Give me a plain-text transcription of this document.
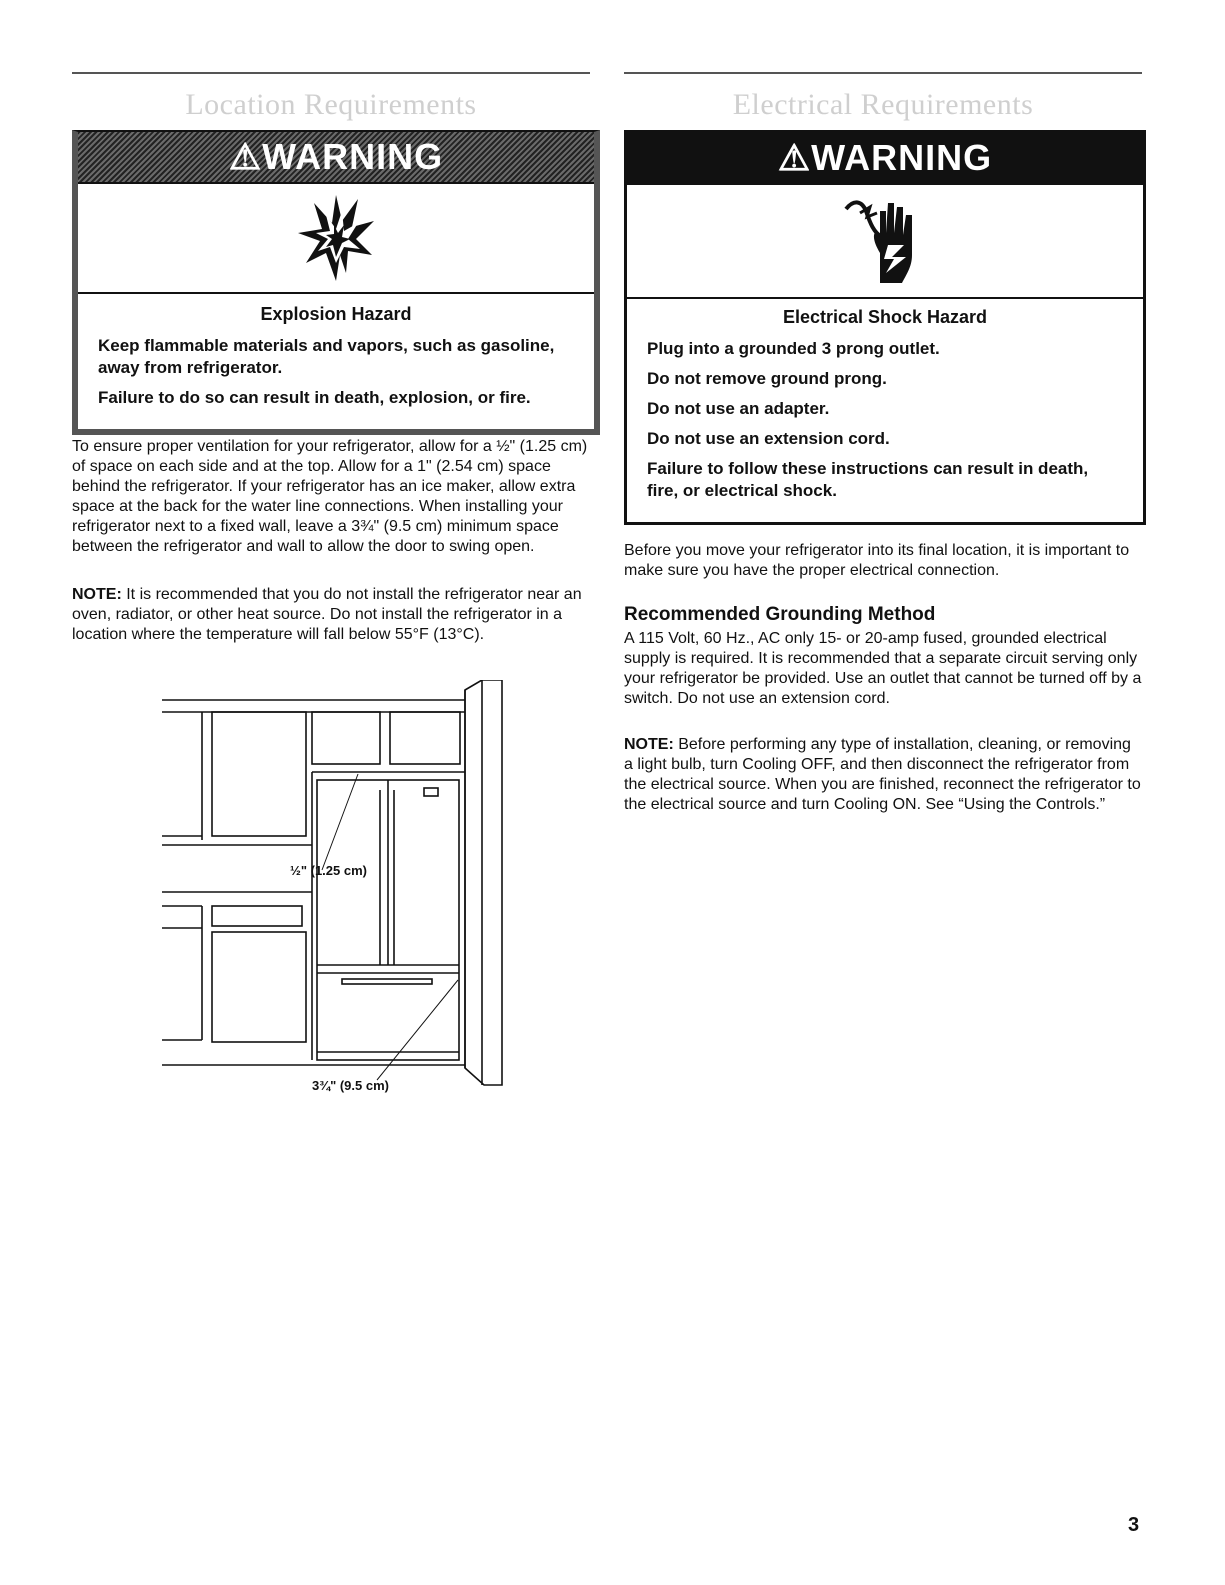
Location Requirements
⚠WARNING
Explosion Hazard
Keep flammable materials and vapors, such as gasoline, away from refrigerator.
Failure to do so can result in death, explosion, or fire.
To ensure proper ventilation for your refrigerator, allow for a ½" (1.25 cm) of space on each side and at the top. Allow for a 1" (2.54 cm) space behind the refrigerator. If your refrigerator has an ice maker, allow extra space at the back for the water line connections. When installing your refrigerator next to a fixed wall, leave a 3¾" (9.5 cm) minimum space between the refrigerator and wall to allow the door to swing open.
NOTE: It is recommended that you do not install the refrigerator near an oven, radiator, or other heat source. Do not install the refrigerator in a location where the temperature will fall below 55°F (13°C).
½" (1.25 cm)
3¾" (9.5 cm)
Electrical Requirements
⚠WARNING
Electrical Shock Hazard
Plug into a grounded 3 prong outlet.
Do not remove ground prong.
Do not use an adapter.
Do not use an extension cord.
Failure to follow these instructions can result in death, fire, or electrical shock.
Before you move your refrigerator into its final location, it is important to make sure you have the proper electrical connection.
Recommended Grounding Method
A 115 Volt, 60 Hz., AC only 15- or 20-amp fused, grounded electrical supply is required. It is recommended that a separate circuit serving only your refrigerator be provided. Use an outlet that cannot be turned off by a switch. Do not use an extension cord.
NOTE: Before performing any type of installation, cleaning, or removing a light bulb, turn Cooling OFF, and then disconnect the refrigerator from the electrical source. When you are finished, reconnect the refrigerator to the electrical source and turn Cooling ON. See “Using the Controls.”
3
